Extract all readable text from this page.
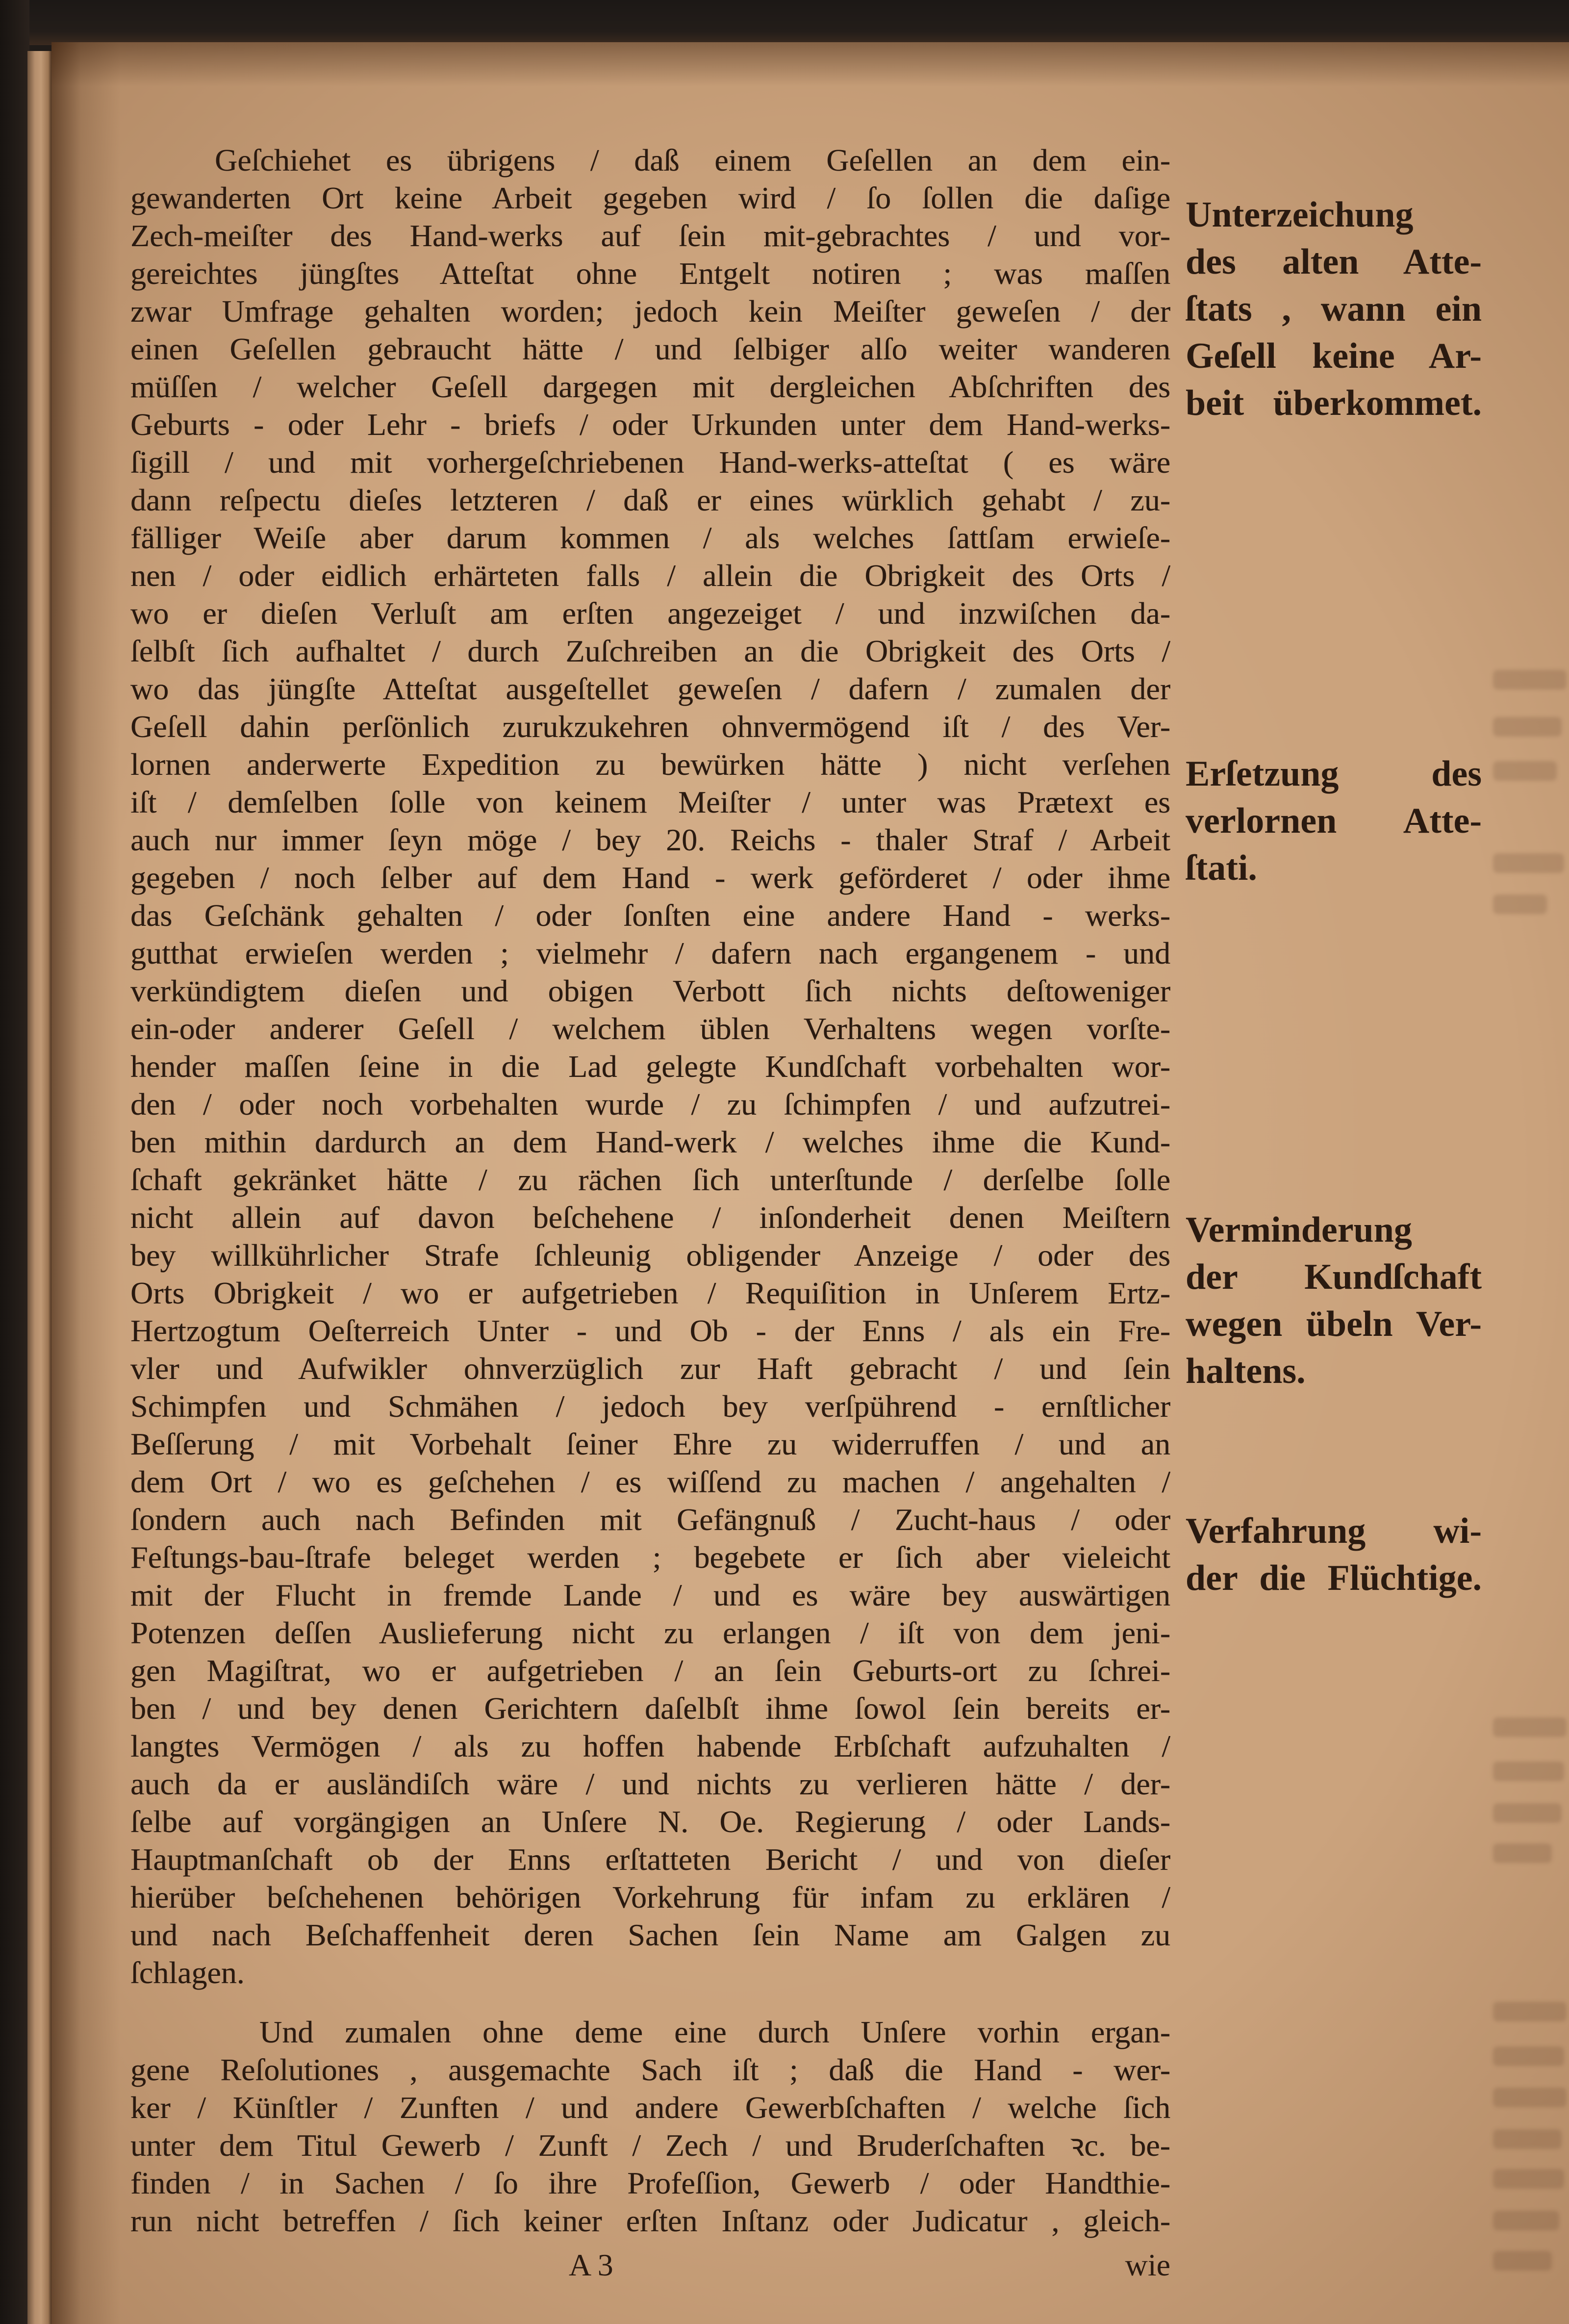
Geſchiehet es übrigens / daß einem Geſellen an dem ein-
gewanderten Ort keine Arbeit gegeben wird / ſo ſollen die daſige
Zech-meiſter des Hand-werks auf ſein mit-gebrachtes / und vor-
gereichtes jüngſtes Atteſtat ohne Entgelt notiren ; was maſſen
zwar Umfrage gehalten worden; jedoch kein Meiſter geweſen / der
einen Geſellen gebraucht hätte / und ſelbiger alſo weiter wanderen
müſſen / welcher Geſell dargegen mit dergleichen Abſchriften des
Geburts - oder Lehr - briefs / oder Urkunden unter dem Hand-werks-
ſigill / und mit vorhergeſchriebenen Hand-werks-atteſtat ( es wäre
dann reſpectu dieſes letzteren / daß er eines würklich gehabt / zu-
fälliger Weiſe aber darum kommen / als welches ſattſam erwieſe-
nen / oder eidlich erhärteten falls / allein die Obrigkeit des Orts /
wo er dieſen Verluſt am erſten angezeiget / und inzwiſchen da-
ſelbſt ſich aufhaltet / durch Zuſchreiben an die Obrigkeit des Orts /
wo das jüngſte Atteſtat ausgeſtellet geweſen / dafern / zumalen der
Geſell dahin perſönlich zurukzukehren ohnvermögend iſt / des Ver-
lornen anderwerte Expedition zu bewürken hätte ) nicht verſehen
iſt / demſelben ſolle von keinem Meiſter / unter was Prætext es
auch nur immer ſeyn möge / bey 20. Reichs - thaler Straf / Arbeit
gegeben / noch ſelber auf dem Hand - werk geförderet / oder ihme
das Geſchänk gehalten / oder ſonſten eine andere Hand - werks-
gutthat erwieſen werden ; vielmehr / dafern nach ergangenem - und
verkündigtem dieſen und obigen Verbott ſich nichts deſtoweniger
ein-oder anderer Geſell / welchem üblen Verhaltens wegen vorſte-
hender maſſen ſeine in die Lad gelegte Kundſchaft vorbehalten wor-
den / oder noch vorbehalten wurde / zu ſchimpfen / und aufzutrei-
ben mithin dardurch an dem Hand-werk / welches ihme die Kund-
ſchaft gekränket hätte / zu rächen ſich unterſtunde / derſelbe ſolle
nicht allein auf davon beſchehene / inſonderheit denen Meiſtern
bey willkührlicher Strafe ſchleunig obligender Anzeige / oder des
Orts Obrigkeit / wo er aufgetrieben / Requiſition in Unſerem Ertz-
Hertzogtum Oeſterreich Unter - und Ob - der Enns / als ein Fre-
vler und Aufwikler ohnverzüglich zur Haft gebracht / und ſein
Schimpfen und Schmähen / jedoch bey verſpührend - ernſtlicher
Beſſerung / mit Vorbehalt ſeiner Ehre zu widerruffen / und an
dem Ort / wo es geſchehen / es wiſſend zu machen / angehalten /
ſondern auch nach Befinden mit Gefängnuß / Zucht-haus / oder
Feſtungs-bau-ſtrafe beleget werden ; begebete er ſich aber vieleicht
mit der Flucht in fremde Lande / und es wäre bey auswärtigen
Potenzen deſſen Auslieferung nicht zu erlangen / iſt von dem jeni-
gen Magiſtrat, wo er aufgetrieben / an ſein Geburts-ort zu ſchrei-
ben / und bey denen Gerichtern daſelbſt ihme ſowol ſein bereits er-
langtes Vermögen / als zu hoffen habende Erbſchaft aufzuhalten /
auch da er ausländiſch wäre / und nichts zu verlieren hätte / der-
ſelbe auf vorgängigen an Unſere N. Oe. Regierung / oder Lands-
Hauptmanſchaft ob der Enns erſtatteten Bericht / und von dieſer
hierüber beſchehenen behörigen Vorkehrung für infam zu erklären /
und nach Beſchaffenheit deren Sachen ſein Name am Galgen zu
ſchlagen.
Und zumalen ohne deme eine durch Unſere vorhin ergan-
gene Reſolutiones , ausgemachte Sach iſt ; daß die Hand - wer-
ker / Künſtler / Zunften / und andere Gewerbſchaften / welche ſich
unter dem Titul Gewerb / Zunft / Zech / und Bruderſchaften ꝛc. be-
finden / in Sachen / ſo ihre Profeſſion, Gewerb / oder Handthie-
run nicht betreffen / ſich keiner erſten Inſtanz oder Judicatur , gleich-
Unterzeichung
des alten Atte-
ſtats , wann ein
Geſell keine Ar-
beit überkommet.
Erſetzung des
verlornen Atte-
ſtati.
Verminderung
der Kundſchaft
wegen übeln Ver-
haltens.
Verfahrung wi-
der die Flüchtige.
A 3	wie
